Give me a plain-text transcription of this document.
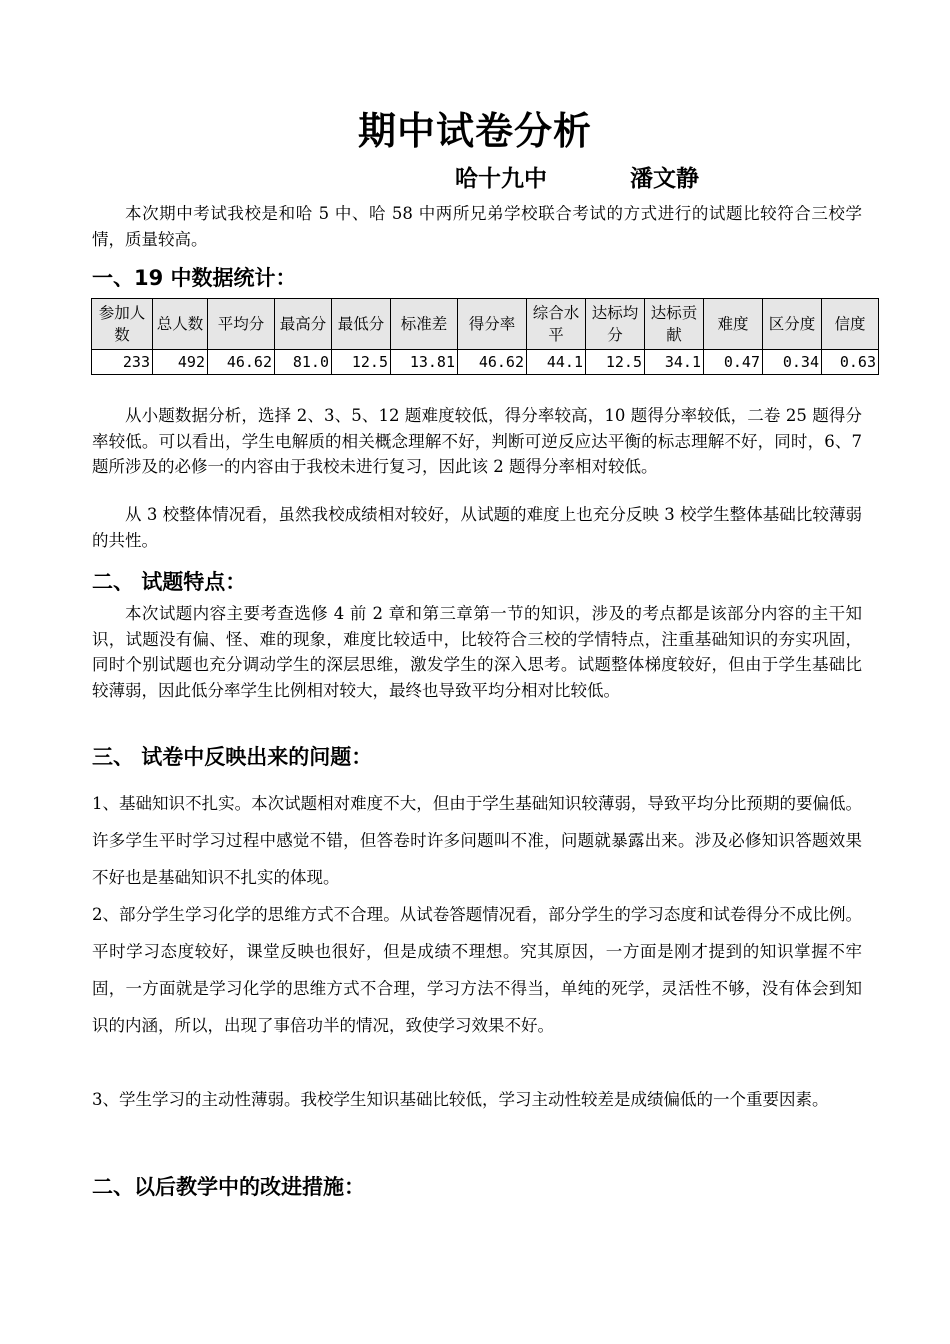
期中试卷分析
哈十九中	潘文静
本次期中考试我校是和哈 5 中、哈 58 中两所兄弟学校联合考试的方式进行的试题比较符合三校学情，质量较高。
一、19 中数据统计：
参加人数	总人数	平均分	最高分	最低分	标准差	得分率	综合水平	达标均分	达标贡献	难度	区分度	信度
233	492	46.62	81.0	12.5	13.81	46.62	44.1	12.5	34.1	0.47	0.34	0.63
从小题数据分析，选择 2、3、5、12 题难度较低，得分率较高，10 题得分率较低，二卷 25 题得分率较低。可以看出，学生电解质的相关概念理解不好，判断可逆反应达平衡的标志理解不好，同时，6、7 题所涉及的必修一的内容由于我校未进行复习，因此该 2 题得分率相对较低。
从 3 校整体情况看，虽然我校成绩相对较好，从试题的难度上也充分反映 3 校学生整体基础比较薄弱的共性。
二、 试题特点：
本次试题内容主要考查选修 4 前 2 章和第三章第一节的知识，涉及的考点都是该部分内容的主干知识，试题没有偏、怪、难的现象，难度比较适中，比较符合三校的学情特点，注重基础知识的夯实巩固，同时个别试题也充分调动学生的深层思维，激发学生的深入思考。试题整体梯度较好，但由于学生基础比较薄弱，因此低分率学生比例相对较大，最终也导致平均分相对比较低。
三、 试卷中反映出来的问题：
1、基础知识不扎实。本次试题相对难度不大，但由于学生基础知识较薄弱，导致平均分比预期的要偏低。许多学生平时学习过程中感觉不错，但答卷时许多问题叫不准，问题就暴露出来。涉及必修知识答题效果不好也是基础知识不扎实的体现。
2、部分学生学习化学的思维方式不合理。从试卷答题情况看，部分学生的学习态度和试卷得分不成比例。平时学习态度较好，课堂反映也很好，但是成绩不理想。究其原因，一方面是刚才提到的知识掌握不牢固，一方面就是学习化学的思维方式不合理，学习方法不得当，单纯的死学，灵活性不够，没有体会到知识的内涵，所以，出现了事倍功半的情况，致使学习效果不好。
3、学生学习的主动性薄弱。我校学生知识基础比较低，学习主动性较差是成绩偏低的一个重要因素。
二、以后教学中的改进措施：
